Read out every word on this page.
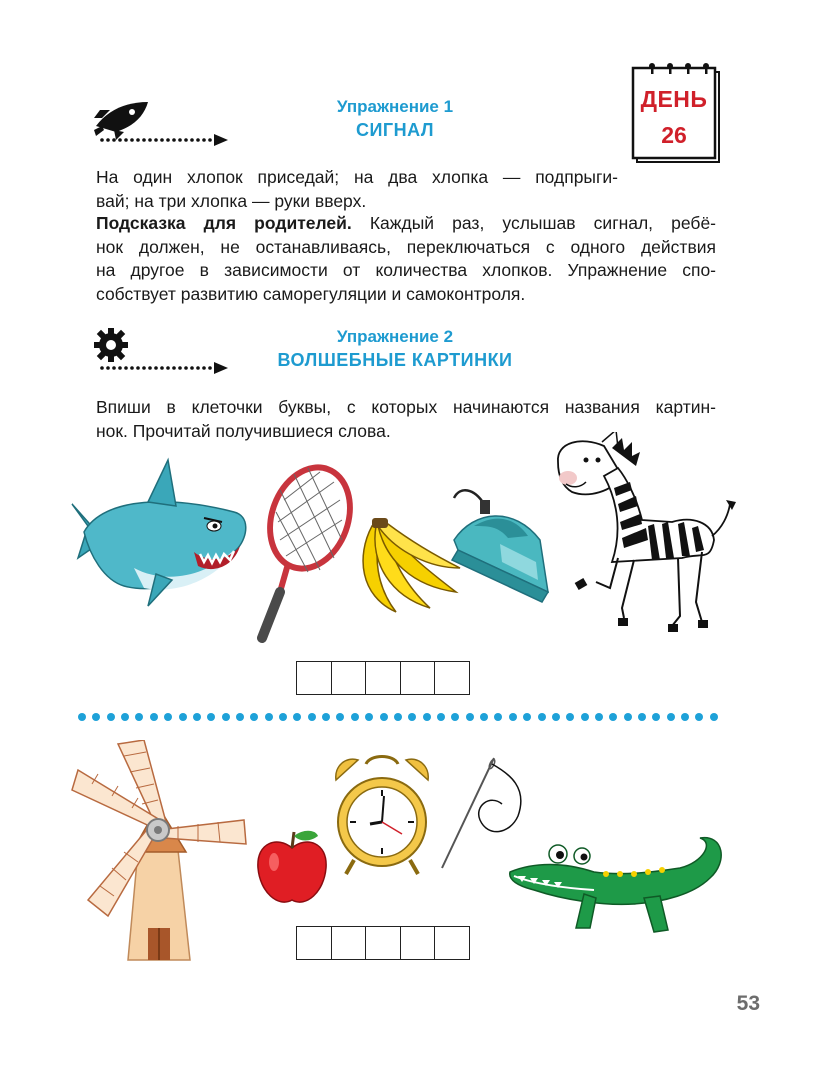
ДЕНЬ
26
Упражнение 1
СИГНАЛ
На один хлопок приседай; на два хлопка — подпрыги-
вай; на три хлопка — руки вверх.
Подсказка для родителей. Каждый раз, услышав сигнал, ребё-
нок должен, не останавливаясь, переключаться с одного действия
на другое в зависимости от количества хлопков. Упражнение спо-
собствует развитию саморегуляции и самоконтроля.
Упражнение 2
ВОЛШЕБНЫЕ КАРТИНКИ
Впиши в клеточки буквы, с которых начинаются названия картин-
нок. Прочитай получившиеся слова.
53
